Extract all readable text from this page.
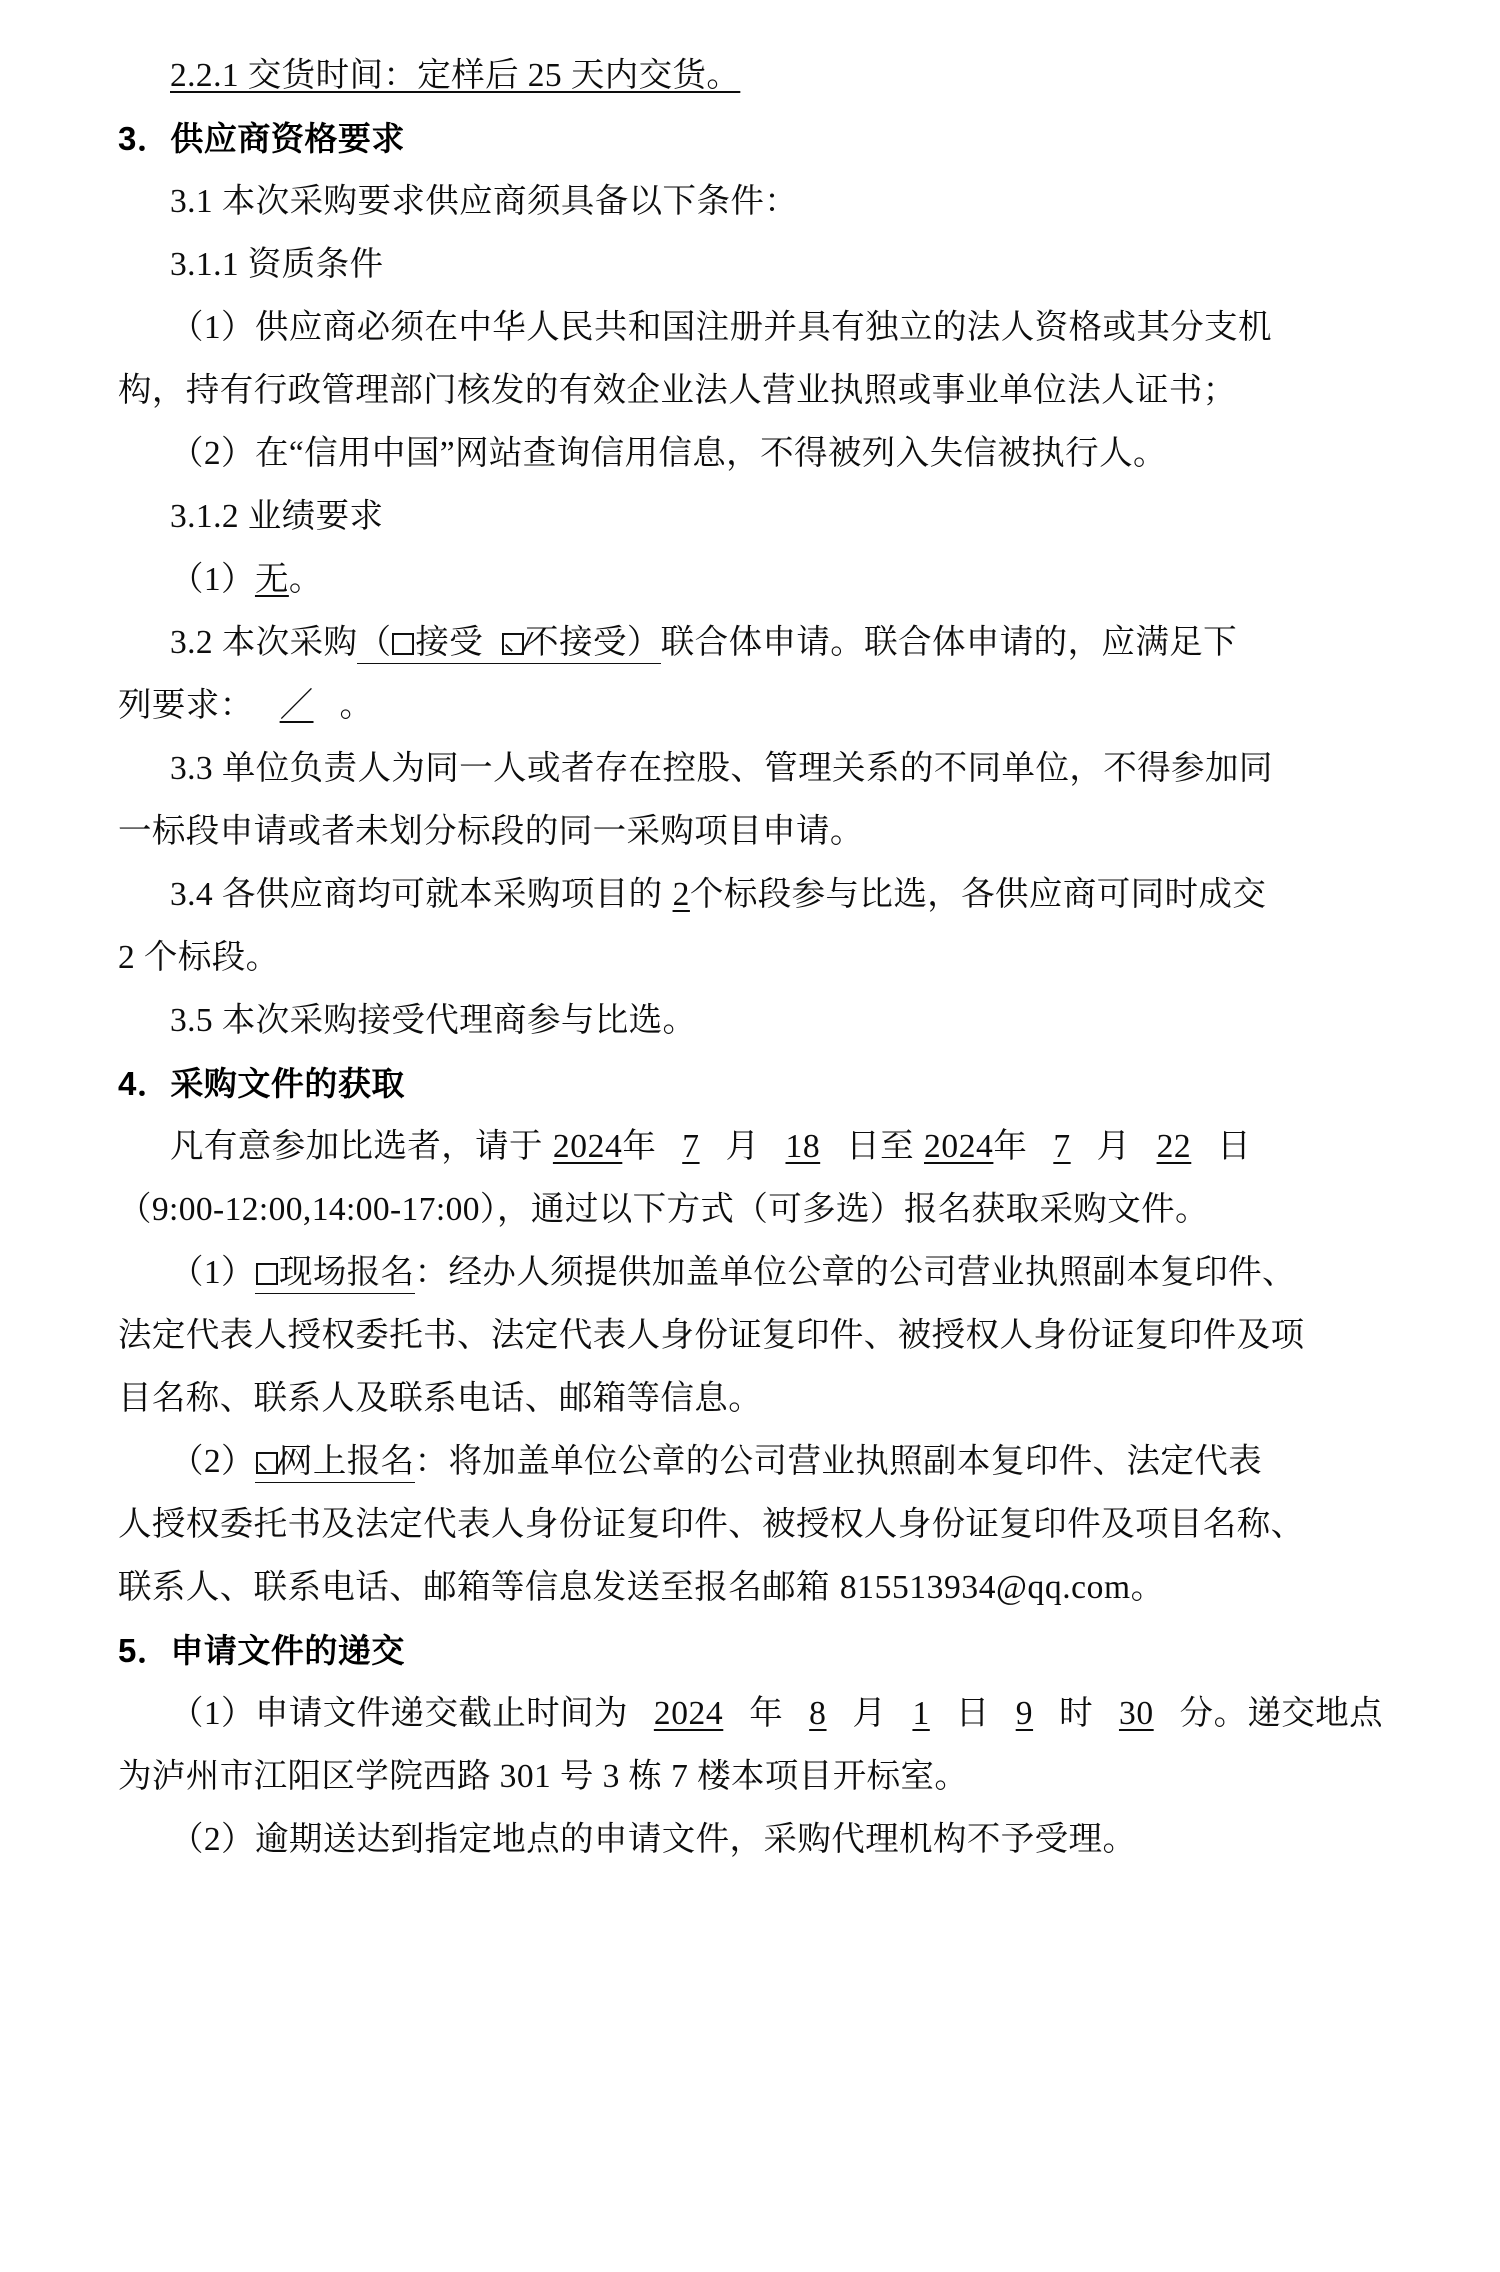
2.2.1 交货时间：定样后 25 天内交货。
3．供应商资格要求
3.1 本次采购要求供应商须具备以下条件：
3.1.1 资质条件
（1）供应商必须在中华人民共和国注册并具有独立的法人资格或其分支机
构，持有行政管理部门核发的有效企业法人营业执照或事业单位法人证书；
（2）在“信用中国”网站查询信用信息，不得被列入失信被执行人。
3.1.2 业绩要求
（1）无。
3.2 本次采购（ 接受 不接受）联合体申请。联合体申请的，应满足下
列要求： ／ 。
3.3 单位负责人为同一人或者存在控股、管理关系的不同单位，不得参加同
一标段申请或者未划分标段的同一采购项目申请。
3.4 各供应商均可就本采购项目的 2个标段参与比选，各供应商可同时成交
2 个标段。
3.5 本次采购接受代理商参与比选。
4．采购文件的获取
凡有意参加比选者，请于 2024年 7 月 18 日至 2024年 7 月 22 日
（9:00-12:00,14:00-17:00），通过以下方式（可多选）报名获取采购文件。
（1） 现场报名：经办人须提供加盖单位公章的公司营业执照副本复印件、
法定代表人授权委托书、法定代表人身份证复印件、被授权人身份证复印件及项
目名称、联系人及联系电话、邮箱等信息。
（2） 网上报名：将加盖单位公章的公司营业执照副本复印件、法定代表
人授权委托书及法定代表人身份证复印件、被授权人身份证复印件及项目名称、
联系人、联系电话、邮箱等信息发送至报名邮箱 815513934@qq.com。
5．申请文件的递交
（1）申请文件递交截止时间为 2024 年 8 月 1 日 9 时 30 分。递交地点
为泸州市江阳区学院西路 301 号 3 栋 7 楼本项目开标室。
（2）逾期送达到指定地点的申请文件，采购代理机构不予受理。
